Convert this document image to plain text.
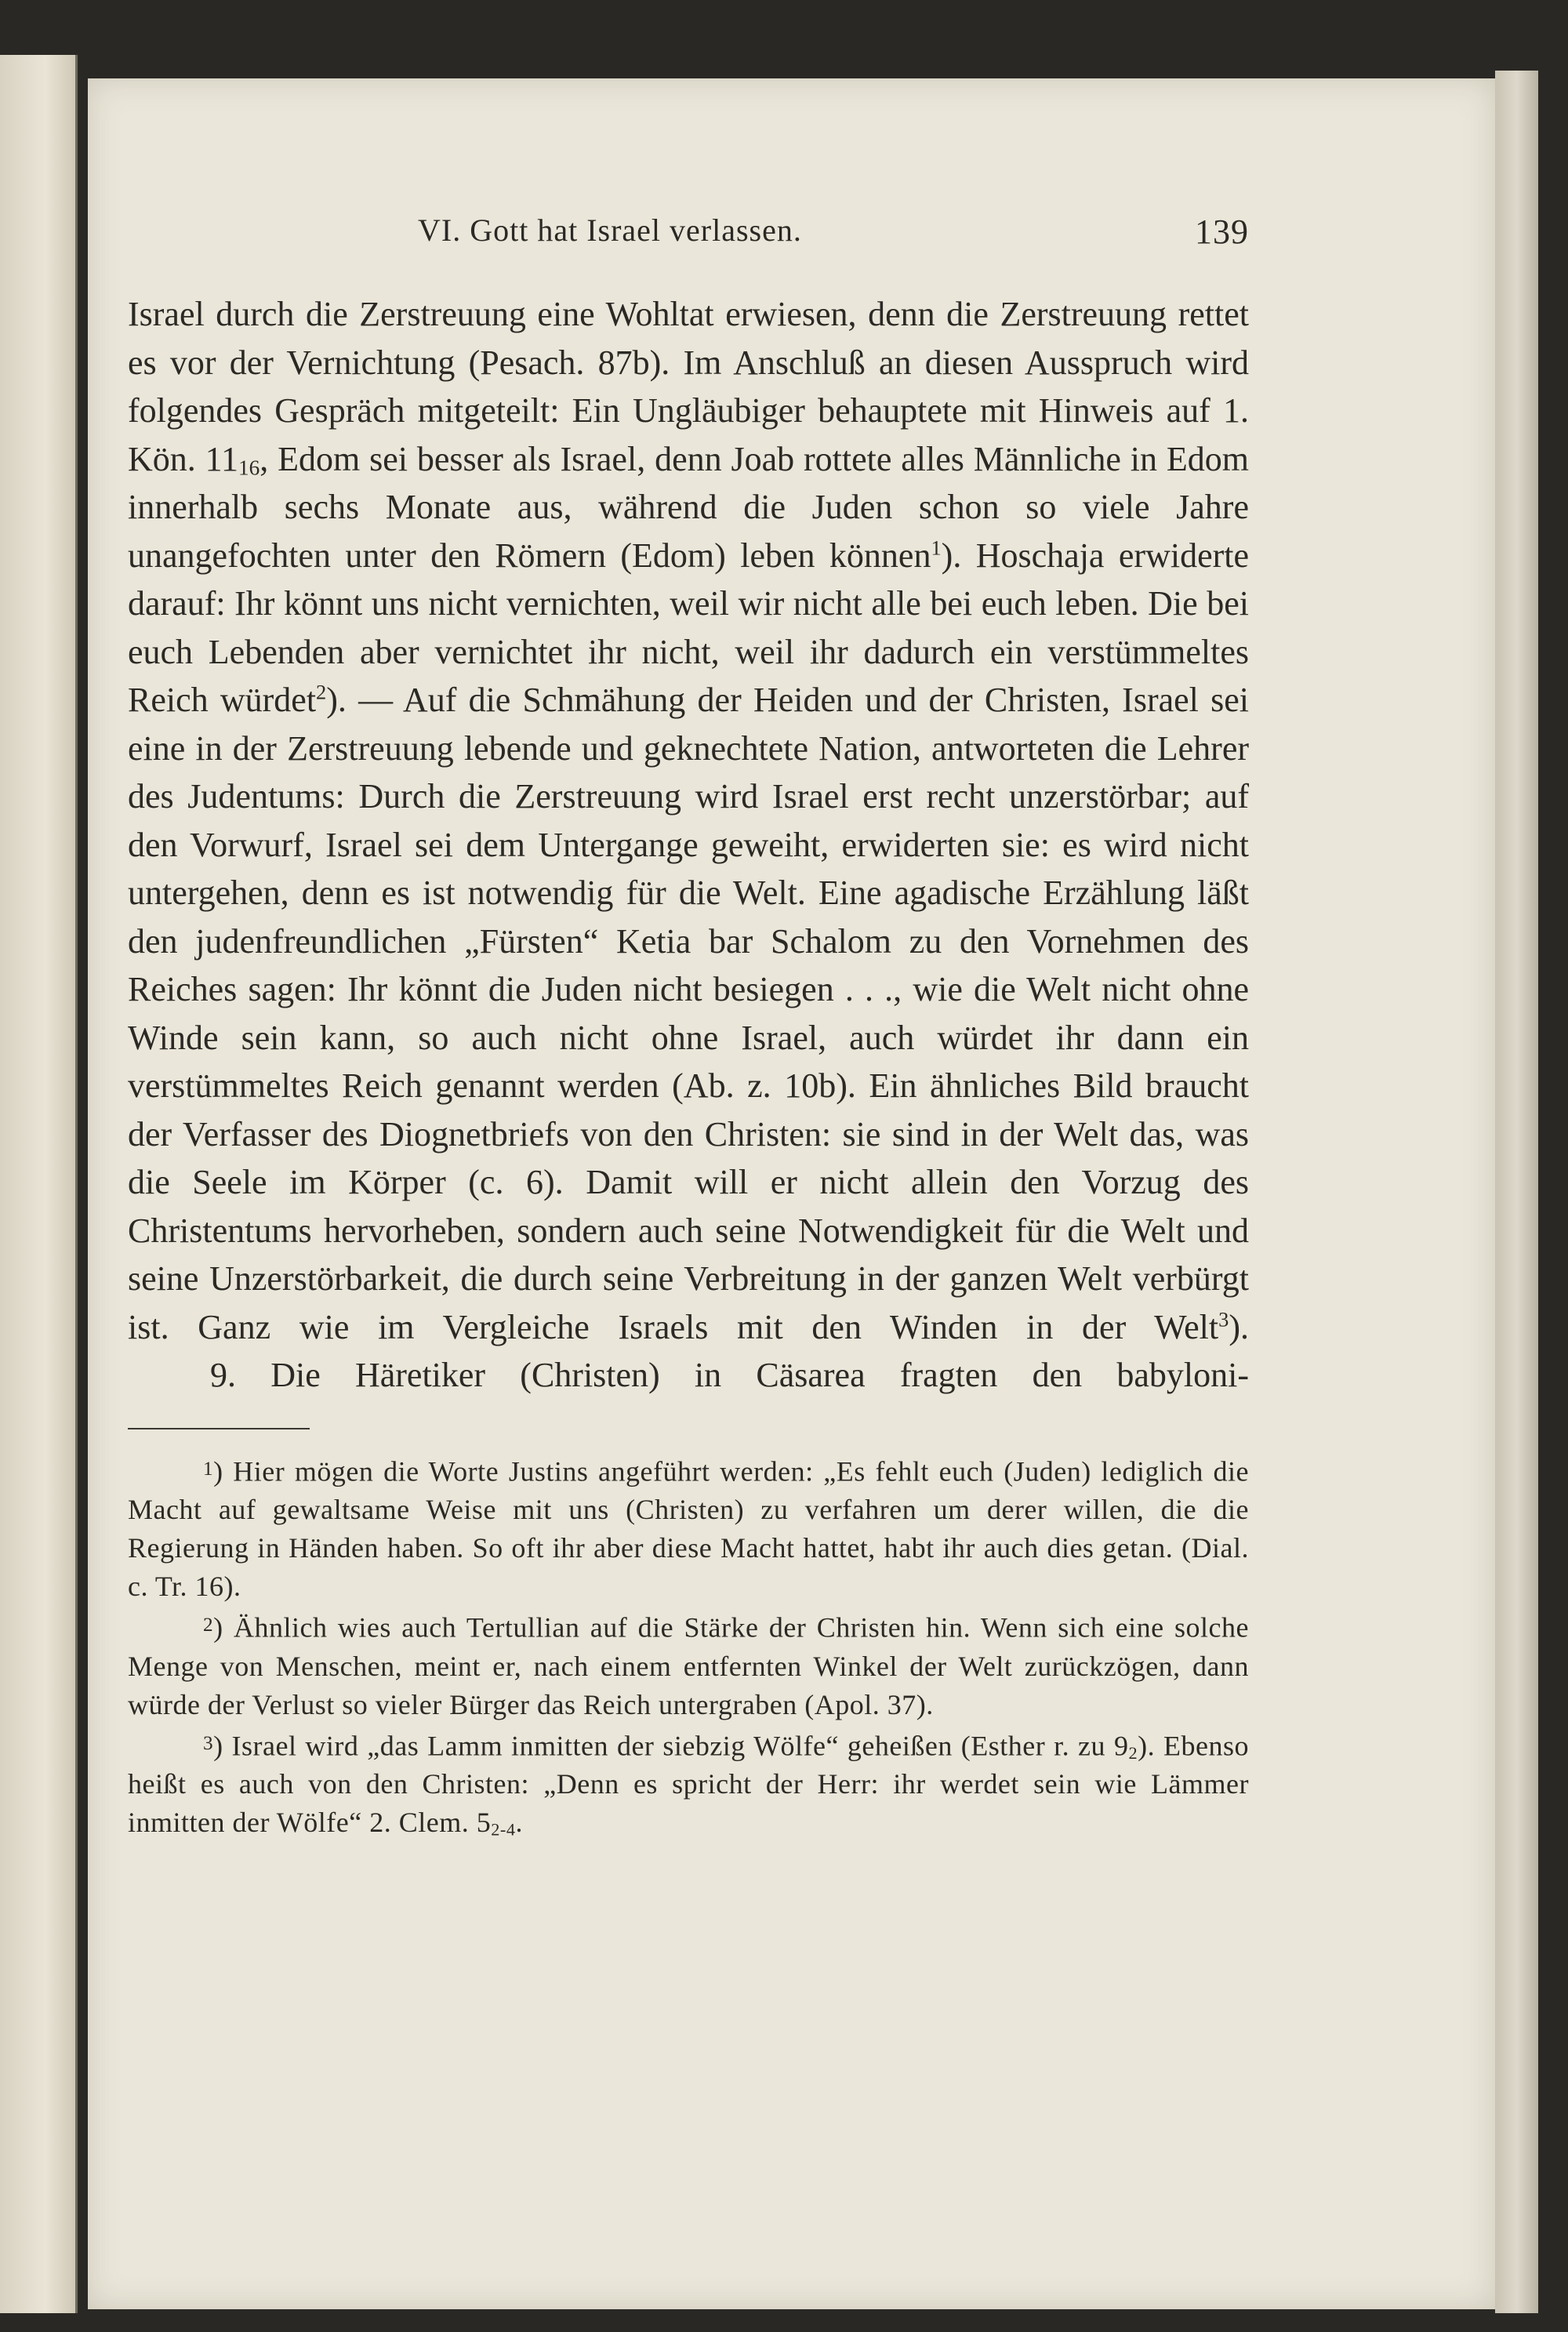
VI. Gott hat Israel verlassen.	139

Israel durch die Zerstreuung eine Wohltat erwiesen, denn die Zerstreuung rettet es vor der Vernichtung (Pesach. 87b). Im Anschluß an diesen Ausspruch wird folgendes Gespräch mitgeteilt: Ein Ungläubiger behauptete mit Hinweis auf 1. Kön. $11_{16}$, Edom sei besser als Israel, denn Joab rottete alles Männliche in Edom innerhalb sechs Monate aus, während die Juden schon so viele Jahre unangefochten unter den Römern (Edom) leben können$^1$). Hoschaja erwiderte darauf: Ihr könnt uns nicht vernichten, weil wir nicht alle bei euch leben. Die bei euch Lebenden aber vernichtet ihr nicht, weil ihr dadurch ein verstümmeltes Reich würdet$^2$). — Auf die Schmähung der Heiden und der Christen, Israel sei eine in der Zerstreuung lebende und geknechtete Nation, antworteten die Lehrer des Judentums: Durch die Zerstreuung wird Israel erst recht unzerstörbar; auf den Vorwurf, Israel sei dem Untergange geweiht, erwiderten sie: es wird nicht untergehen, denn es ist notwendig für die Welt. Eine agadische Erzählung läßt den judenfreundlichen „Fürsten“ Ketia bar Schalom zu den Vornehmen des Reiches sagen: Ihr könnt die Juden nicht besiegen . . ., wie die Welt nicht ohne Winde sein kann, so auch nicht ohne Israel, auch würdet ihr dann ein verstümmeltes Reich genannt werden (Ab. z. 10b). Ein ähnliches Bild braucht der Verfasser des Diognetbriefs von den Christen: sie sind in der Welt das, was die Seele im Körper (c. 6). Damit will er nicht allein den Vorzug des Christentums hervorheben, sondern auch seine Notwendigkeit für die Welt und seine Unzerstörbarkeit, die durch seine Verbreitung in der ganzen Welt verbürgt ist. Ganz wie im Vergleiche Israels mit den Winden in der Welt$^3$).

9. Die Häretiker (Christen) in Cäsarea fragten den babyloni-

$^1$) Hier mögen die Worte Justins angeführt werden: „Es fehlt euch (Juden) lediglich die Macht auf gewaltsame Weise mit uns (Christen) zu verfahren um derer willen, die die Regierung in Händen haben. So oft ihr aber diese Macht hattet, habt ihr auch dies getan. (Dial. c. Tr. 16).

$^2$) Ähnlich wies auch Tertullian auf die Stärke der Christen hin. Wenn sich eine solche Menge von Menschen, meint er, nach einem entfernten Winkel der Welt zurückzögen, dann würde der Verlust so vieler Bürger das Reich untergraben (Apol. 37).

$^3$) Israel wird „das Lamm inmitten der siebzig Wölfe“ geheißen (Esther r. zu $9_2$). Ebenso heißt es auch von den Christen: „Denn es spricht der Herr: ihr werdet sein wie Lämmer inmitten der Wölfe“ 2. Clem. $5_{2-4}$.
